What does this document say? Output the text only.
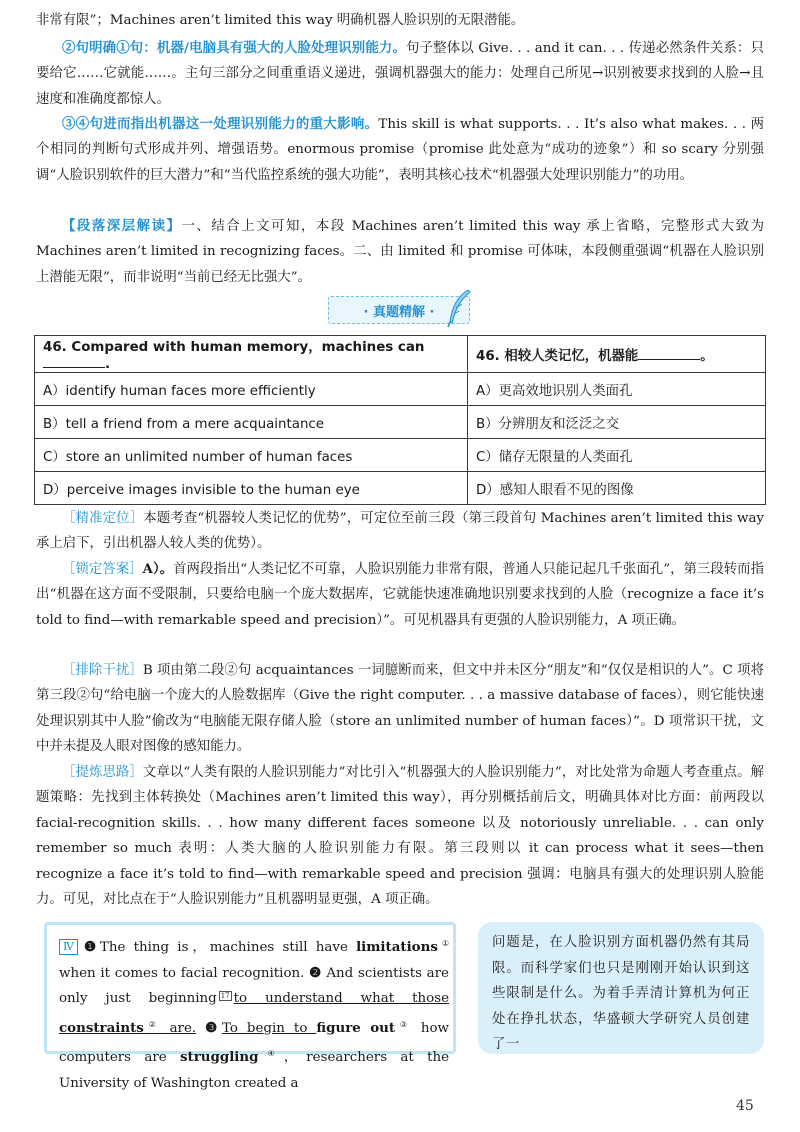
非常有限”；Machines aren’t limited this way 明确机器人脸识别的无限潜能。

②句明确①句：机器/电脑具有强大的人脸处理识别能力。句子整体以 Give. . . and it can. . . 传递必然条件关系：只要给它……它就能……。主句三部分之间重重语义递进，强调机器强大的能力：处理自己所见→识别被要求找到的人脸→且速度和准确度都惊人。

③④句进而指出机器这一处理识别能力的重大影响。This skill is what supports. . . It’s also what makes. . . 两个相同的判断句式形成并列、增强语势。enormous promise（promise 此处意为“成功的迹象”）和 so scary 分别强调“人脸识别软件的巨大潜力”和“当代监控系统的强大功能”，表明其核心技术“机器强大处理识别能力”的功用。

【段落深层解读】一、结合上文可知，本段 Machines aren’t limited this way 承上省略，完整形式大致为 Machines aren’t limited in recognizing faces。二、由 limited 和 promise 可体味，本段侧重强调“机器在人脸识别上潜能无限”，而非说明“当前已经无比强大”。

· 真题精解 ·
46. Compared with human memory，machines can .	46. 相较人类记忆，机器能 。
A）identify human faces more efficiently	A）更高效地识别人类面孔
B）tell a friend from a mere acquaintance	B）分辨朋友和泛泛之交
C）store an unlimited number of human faces	C）储存无限量的人类面孔
D）perceive images invisible to the human eye	D）感知人眼看不见的图像

［精准定位］本题考查“机器较人类记忆的优势”，可定位至前三段（第三段首句 Machines aren’t limited this way 承上启下，引出机器人较人类的优势）。

［锁定答案］A）。首两段指出“人类记忆不可靠，人脸识别能力非常有限，普通人只能记起几千张面孔”，第三段转而指出“机器在这方面不受限制，只要给电脑一个庞大数据库，它就能快速准确地识别要求找到的人脸（recognize a face it’s told to find—with remarkable speed and precision）”。可见机器具有更强的人脸识别能力，A 项正确。

［排除干扰］B 项由第二段②句 acquaintances 一词臆断而来，但文中并未区分“朋友”和“仅仅是相识的人”。C 项将第三段②句“给电脑一个庞大的人脸数据库（Give the right computer. . . a massive database of faces），则它能快速处理识别其中人脸”偷改为“电脑能无限存储人脸（store an unlimited number of human faces）”。D 项常识干扰，文中并未提及人眼对图像的感知能力。

［提炼思路］文章以“人类有限的人脸识别能力”对比引入“机器强大的人脸识别能力”，对比处常为命题人考查重点。解题策略：先找到主体转换处（Machines aren’t limited this way），再分别概括前后文，明确具体对比方面：前两段以 facial-recognition skills. . . how many different faces someone 以及 notoriously unreliable. . . can only remember so much 表明：人类大脑的人脸识别能力有限。第三段则以 it can process what it sees—then recognize a face it’s told to find—with remarkable speed and precision 强调：电脑具有强大的处理识别人脸能力。可见，对比点在于“人脸识别能力”且机器明显更强，A 项正确。

Ⅳ ❶The thing is，machines still have limitations① when it comes to facial recognition. ❷ And scientists are only just beginning 17 to understand what those constraints② are. ❸To begin to figure out③ how computers are struggling④，researchers at the University of Washington created a
问题是，在人脸识别方面机器仍然有其局限。而科学家们也只是刚刚开始认识到这些限制是什么。为着手弄清计算机为何正处在挣扎状态，华盛顿大学研究人员创建了一
45
